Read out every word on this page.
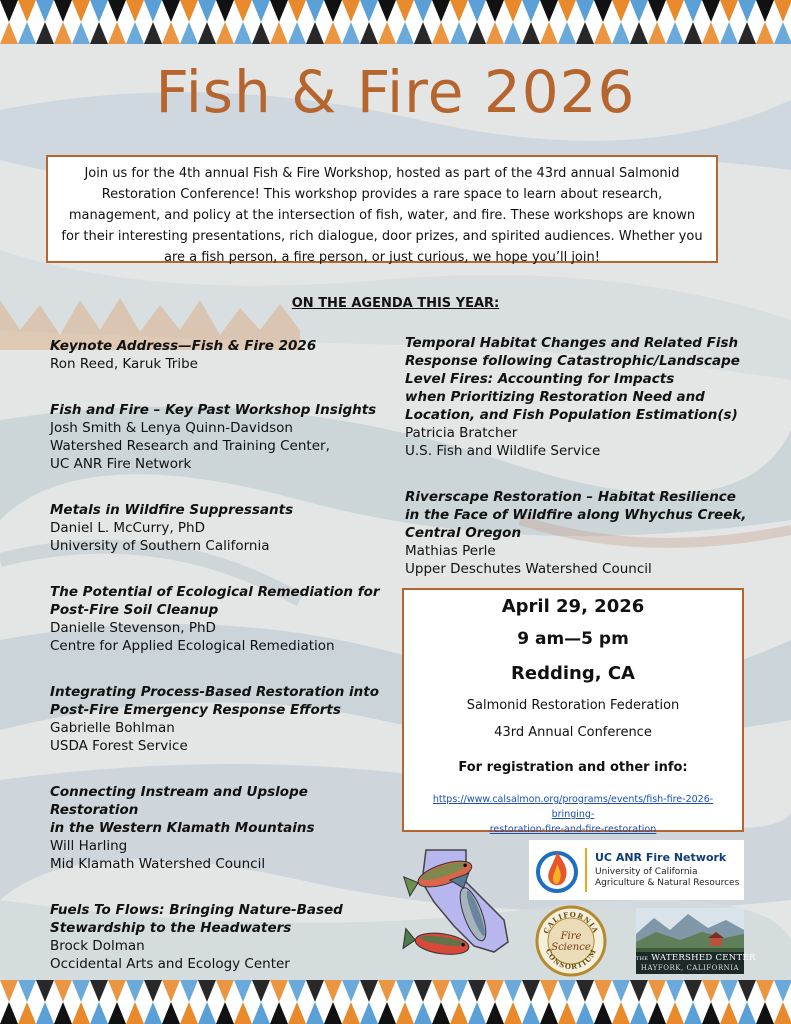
Fish & Fire 2026
Join us for the 4th annual Fish & Fire Workshop, hosted as part of the 43rd annual Salmonid Restoration Conference! This workshop provides a rare space to learn about research, management, and policy at the intersection of fish, water, and fire. These workshops are known for their interesting presentations, rich dialogue, door prizes, and spirited audiences. Whether you are a fish person, a fire person, or just curious, we hope you’ll join!
ON THE AGENDA THIS YEAR:
Keynote Address—Fish & Fire 2026
Ron Reed, Karuk Tribe
Fish and Fire – Key Past Workshop Insights
Josh Smith & Lenya Quinn-Davidson
Watershed Research and Training Center,
UC ANR Fire Network
Metals in Wildfire Suppressants
Daniel L. McCurry, PhD
University of Southern California
The Potential of Ecological Remediation for
Post-Fire Soil Cleanup
Danielle Stevenson, PhD
Centre for Applied Ecological Remediation
Integrating Process-Based Restoration into
Post-Fire Emergency Response Efforts
Gabrielle Bohlman
USDA Forest Service
Connecting Instream and Upslope Restoration
in the Western Klamath Mountains
Will Harling
Mid Klamath Watershed Council
Fuels To Flows: Bringing Nature-Based
Stewardship to the Headwaters
Brock Dolman
Occidental Arts and Ecology Center
Temporal Habitat Changes and Related Fish
Response following Catastrophic/Landscape
Level Fires: Accounting for Impacts
when Prioritizing Restoration Need and
Location, and Fish Population Estimation(s)
Patricia Bratcher
U.S. Fish and Wildlife Service
Riverscape Restoration – Habitat Resilience
in the Face of Wildfire along Whychus Creek,
Central Oregon
Mathias Perle
Upper Deschutes Watershed Council
April 29, 2026
9 am—5 pm
Redding, CA
Salmonid Restoration Federation
43rd Annual Conference
For registration and other info:
https://www.calsalmon.org/programs/events/fish-fire-2026-bringing-
restoration-fire-and-fire-restoration
UC ANR Fire Network
University of California
Agriculture & Natural Resources
CALIFORNIA
CONSORTIUM
Fire
Science
THE WATERSHED CENTER
HAYFORK, CALIFORNIA
